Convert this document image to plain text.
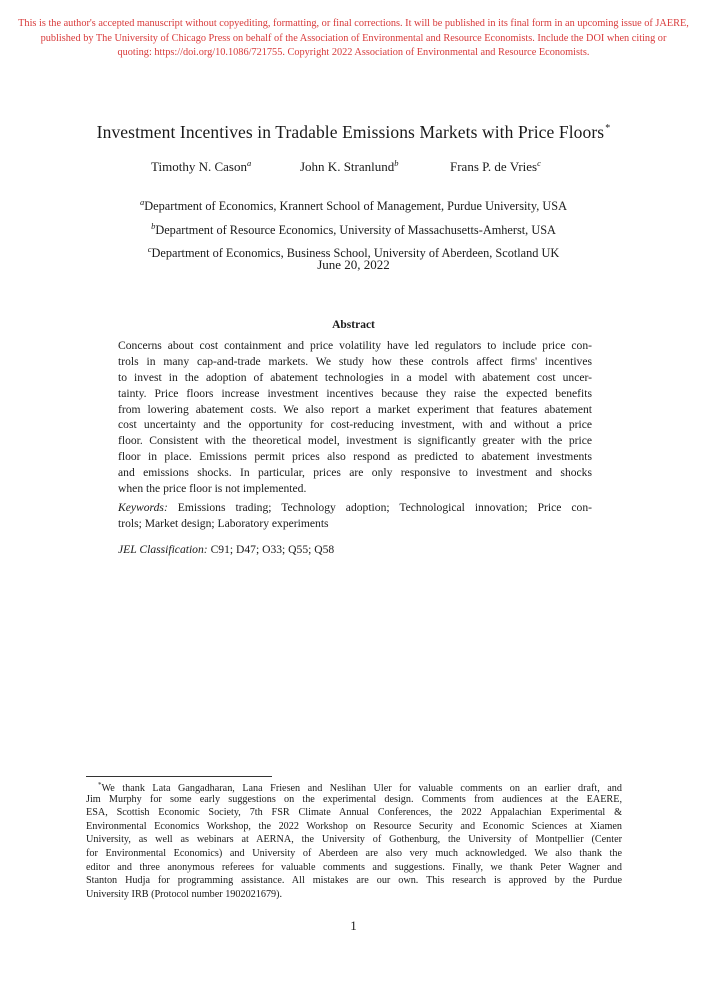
This is the author's accepted manuscript without copyediting, formatting, or final corrections. It will be published in its final form in an upcoming issue of JAERE,
published by The University of Chicago Press on behalf of the Association of Environmental and Resource Economists. Include the DOI when citing or
quoting: https://doi.org/10.1086/721755. Copyright 2022 Association of Environmental and Resource Economists.
Investment Incentives in Tradable Emissions Markets with Price Floors*
Timothy N. Cason$^a$	John K. Stranlund$^b$	Frans P. de Vries$^c$
$^a$Department of Economics, Krannert School of Management, Purdue University, USA
$^b$Department of Resource Economics, University of Massachusetts-Amherst, USA
$^c$Department of Economics, Business School, University of Aberdeen, Scotland UK
June 20, 2022
Abstract
Concerns about cost containment and price volatility have led regulators to include price con-
trols in many cap-and-trade markets. We study how these controls affect firms' incentives
to invest in the adoption of abatement technologies in a model with abatement cost uncer-
tainty. Price floors increase investment incentives because they raise the expected benefits
from lowering abatement costs. We also report a market experiment that features abatement
cost uncertainty and the opportunity for cost-reducing investment, with and without a price
floor. Consistent with the theoretical model, investment is significantly greater with the price
floor in place. Emissions permit prices also respond as predicted to abatement investments
and emissions shocks. In particular, prices are only responsive to investment and shocks
when the price floor is not implemented.
Keywords: Emissions trading; Technology adoption; Technological innovation; Price con-
trols; Market design; Laboratory experiments
JEL Classification: C91; D47; O33; Q55; Q58
*We thank Lata Gangadharan, Lana Friesen and Neslihan Uler for valuable comments on an earlier draft, and
Jim Murphy for some early suggestions on the experimental design. Comments from audiences at the EAERE,
ESA, Scottish Economic Society, 7th FSR Climate Annual Conferences, the 2022 Appalachian Experimental &
Environmental Economics Workshop, the 2022 Workshop on Resource Security and Economic Sciences at Xiamen
University, as well as webinars at AERNA, the University of Gothenburg, the University of Montpellier (Center
for Environmental Economics) and University of Aberdeen are also very much acknowledged. We also thank the
editor and three anonymous referees for valuable comments and suggestions. Finally, we thank Peter Wagner and
Stanton Hudja for programming assistance. All mistakes are our own. This research is approved by the Purdue
University IRB (Protocol number 1902021679).
1
